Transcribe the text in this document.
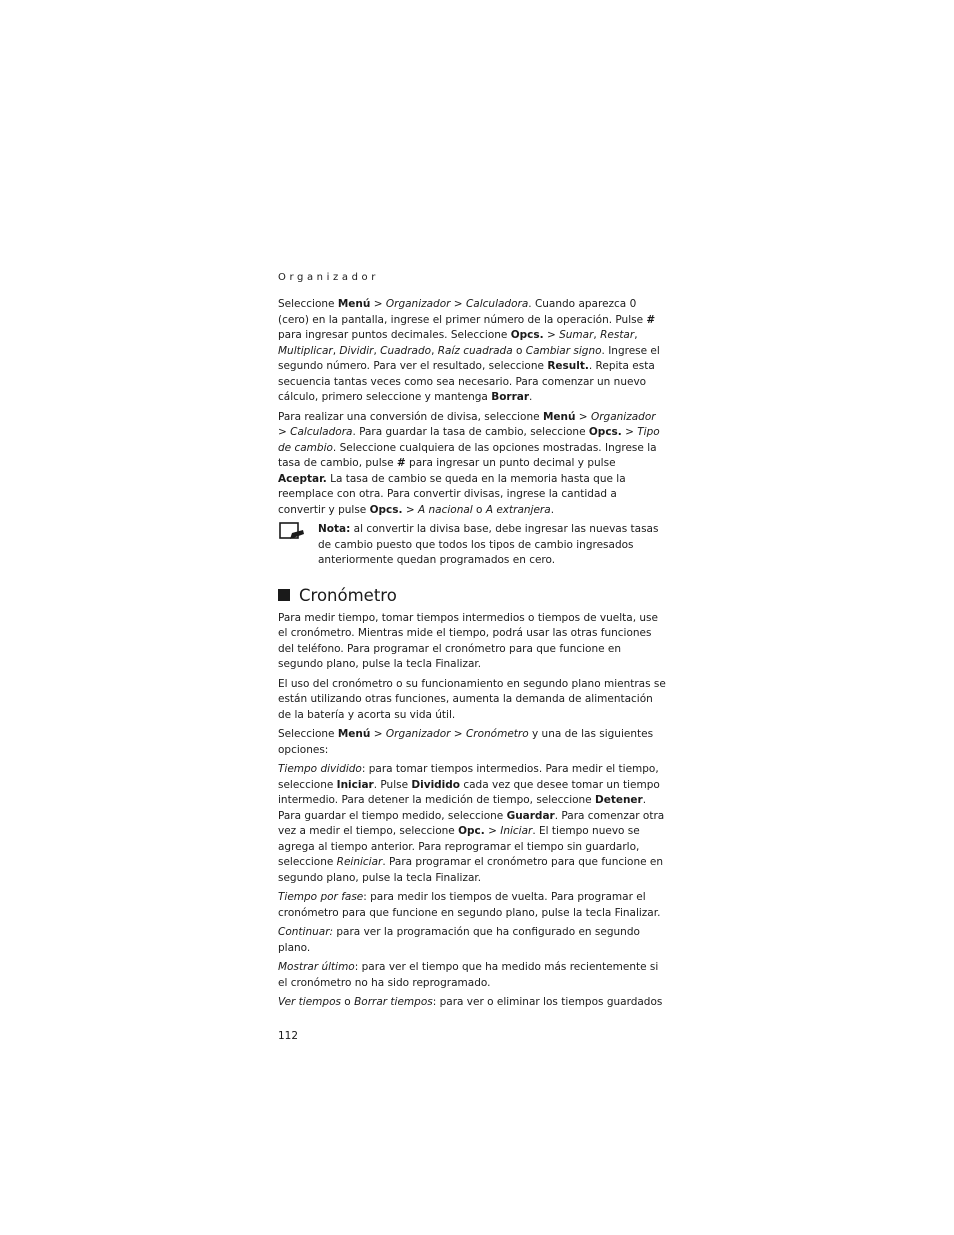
Organizador

Seleccione Menú > Organizador > Calculadora. Cuando aparezca 0 (cero) en la pantalla, ingrese el primer número de la operación. Pulse # para ingresar puntos decimales. Seleccione Opcs. > Sumar, Restar, Multiplicar, Dividir, Cuadrado, Raíz cuadrada o Cambiar signo. Ingrese el segundo número. Para ver el resultado, seleccione Result.. Repita esta secuencia tantas veces como sea necesario. Para comenzar un nuevo cálculo, primero seleccione y mantenga Borrar.

Para realizar una conversión de divisa, seleccione Menú > Organizador > Calculadora. Para guardar la tasa de cambio, seleccione Opcs. > Tipo de cambio. Seleccione cualquiera de las opciones mostradas. Ingrese la tasa de cambio, pulse # para ingresar un punto decimal y pulse Aceptar. La tasa de cambio se queda en la memoria hasta que la reemplace con otra. Para convertir divisas, ingrese la cantidad a convertir y pulse Opcs. > A nacional o A extranjera.

Nota: al convertir la divisa base, debe ingresar las nuevas tasas de cambio puesto que todos los tipos de cambio ingresados anteriormente quedan programados en cero.

Cronómetro

Para medir tiempo, tomar tiempos intermedios o tiempos de vuelta, use el cronómetro. Mientras mide el tiempo, podrá usar las otras funciones del teléfono. Para programar el cronómetro para que funcione en segundo plano, pulse la tecla Finalizar.

El uso del cronómetro o su funcionamiento en segundo plano mientras se están utilizando otras funciones, aumenta la demanda de alimentación de la batería y acorta su vida útil.

Seleccione Menú > Organizador > Cronómetro y una de las siguientes opciones:

Tiempo dividido: para tomar tiempos intermedios. Para medir el tiempo, seleccione Iniciar. Pulse Dividido cada vez que desee tomar un tiempo intermedio. Para detener la medición de tiempo, seleccione Detener. Para guardar el tiempo medido, seleccione Guardar. Para comenzar otra vez a medir el tiempo, seleccione Opc. > Iniciar. El tiempo nuevo se agrega al tiempo anterior. Para reprogramar el tiempo sin guardarlo, seleccione Reiniciar. Para programar el cronómetro para que funcione en segundo plano, pulse la tecla Finalizar.

Tiempo por fase: para medir los tiempos de vuelta. Para programar el cronómetro para que funcione en segundo plano, pulse la tecla Finalizar.

Continuar: para ver la programación que ha configurado en segundo plano.

Mostrar último: para ver el tiempo que ha medido más recientemente si el cronómetro no ha sido reprogramado.

Ver tiempos o Borrar tiempos: para ver o eliminar los tiempos guardados

112
